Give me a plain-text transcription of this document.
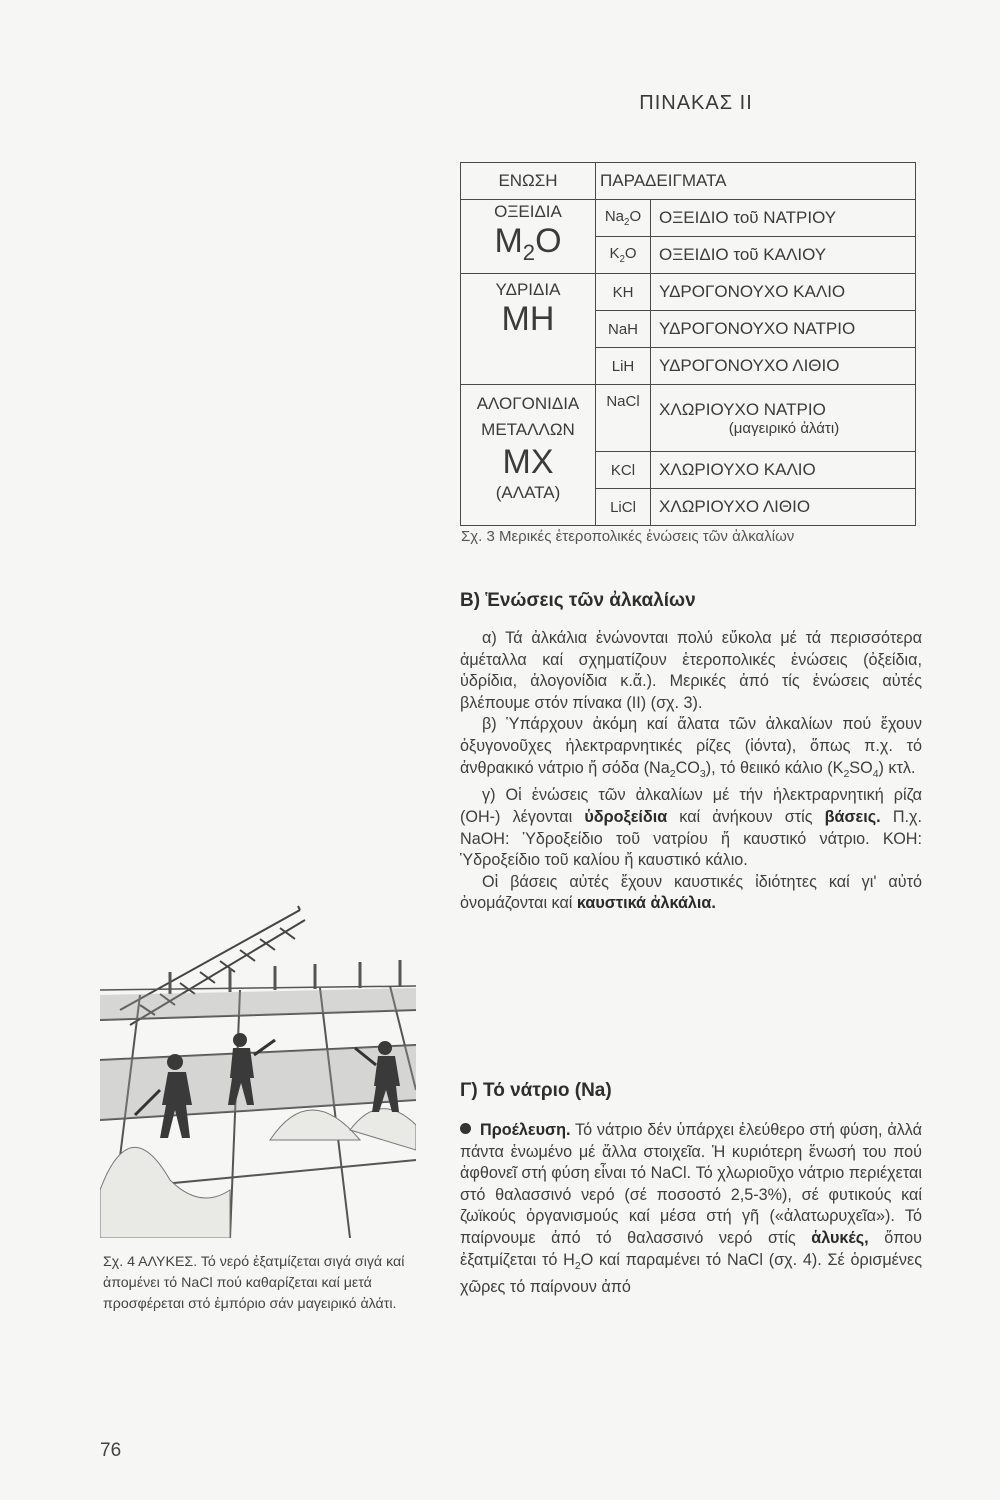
ΠΙΝΑΚΑΣ ΙΙ
ΕΝΩΣΗ	ΠΑΡΑΔΕΙΓΜΑΤΑ	
ΟΞΕΙΔΙΑ
$M_2O$	$Na_2O$	ΟΞΕΙΔΙΟ τοῦ ΝΑΤΡΙΟΥ
	$K_2O$	ΟΞΕΙΔΙΟ τοῦ ΚΑΛΙΟΥ
ΥΔΡΙΔΙΑ
MH	KH	ΥΔΡΟΓΟΝΟΥΧΟ ΚΑΛΙΟ
	NaH	ΥΔΡΟΓΟΝΟΥΧΟ ΝΑΤΡΙΟ
	LiH	ΥΔΡΟΓΟΝΟΥΧΟ ΛΙΘΙΟ

ΑΛΟΓΟΝΙΔΙΑ
ΜΕΤΑΛΛΩΝ
MX
(ΑΛΑΤΑ)	NaCl	ΧΛΩΡΙΟΥΧΟ ΝΑΤΡΙΟ
(μαγειρικό ἀλάτι)

	KCl	ΧΛΩΡΙΟΥΧΟ ΚΑΛΙΟ
	LiCl	ΧΛΩΡΙΟΥΧΟ ΛΙΘΙΟ
Σχ. 3 Μερικές ἑτεροπολικές ἑνώσεις τῶν ἀλκαλίων
Β) Ἑνώσεις τῶν ἀλκαλίων

α) Τά ἀλκάλια ἑνώνονται πολύ εὔκολα μέ τά περισσότερα ἀμέταλλα καί σχηματίζουν ἑτεροπολικές ἑνώσεις (ὀξείδια, ὑδρίδια, ἀλογονίδια κ.ἄ.). Μερικές ἀπό τίς ἑνώσεις αὐτές βλέπουμε στόν πίνακα (ΙΙ) (σχ. 3).

β) Ὑπάρχουν ἀκόμη καί ἄλατα τῶν ἀλκαλίων πού ἔχουν ὀξυγονοῦχες ἠλεκτραρνητικές ρίζες (ἰόντα), ὅπως π.χ. τό ἀνθρακικό νάτριο ἤ σόδα $(Na_2CO_3)$, τό θειικό κάλιο $(K_2SO_4)$ κτλ.

γ) Οἱ ἑνώσεις τῶν ἀλκαλίων μέ τήν ἠλεκτραρνητική ρίζα (OH-) λέγονται ὑδροξείδια καί ἀνήκουν στίς βάσεις. Π.χ. NaOH: Ὑδροξείδιο τοῦ νατρίου ἤ καυστικό νάτριο. ΚΟΗ: Ὑδροξείδιο τοῦ καλίου ἤ καυστικό κάλιο.

Οἱ βάσεις αὐτές ἔχουν καυστικές ἰδιότητες καί γι' αὐτό ὀνομάζονται καί καυστικά ἀλκάλια.

Γ) Τό νάτριο (Na)

Προέλευση. Τό νάτριο δέν ὑπάρχει ἐλεύθερο στή φύση, ἀλλά πάντα ἑνωμένο μέ ἄλλα στοιχεῖα. Ἡ κυριότερη ἕνωσή του πού ἀφθονεῖ στή φύση εἶναι τό NaCl. Τό χλωριοῦχο νάτριο περιέχεται στό θαλασσινό νερό (σέ ποσοστό 2,5-3%), σέ φυτικούς καί ζωϊκούς ὀργανισμούς καί μέσα στή γῆ («ἀλατωρυχεῖα»). Τό παίρνουμε ἀπό τό θαλασσινό νερό στίς ἁλυκές, ὅπου ἐξατμίζεται τό $H_2O$ καί παραμένει τό NaCl (σχ. 4). Σέ ὁρισμένες χῶρες τό παίρνουν ἀπό

Σχ. 4 ΑΛΥΚΕΣ. Τό νερό ἐξατμίζεται σιγά σιγά καί ἀπομένει τό NaCl πού καθαρίζεται καί μετά προσφέρεται στό ἐμπόριο σάν μαγειρικό ἀλάτι.

76
